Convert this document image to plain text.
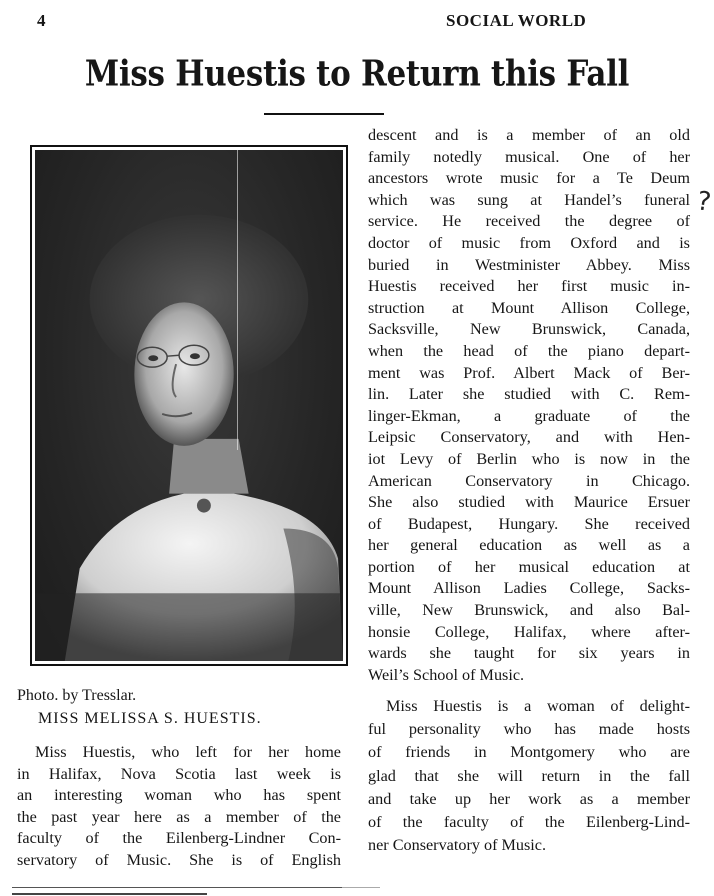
4	SOCIAL WORLD
Miss Huestis to Return this Fall
Photo. by Tresslar.
MISS MELISSA S. HUESTIS.
Miss Huestis, who left for her home
in Halifax, Nova Scotia last week is
an interesting woman who has spent
the past year here as a member of the
faculty of the Eilenberg-Lindner Con-
servatory of Music. She is of English
descent and is a member of an old
family notedly musical. One of her
ancestors wrote music for a Te Deum
which was sung at Handel’s funeral
service. He received the degree of
doctor of music from Oxford and is
buried in Westminister Abbey. Miss
Huestis received her first music in-
struction at Mount Allison College,
Sacksville, New Brunswick, Canada,
when the head of the piano depart-
ment was Prof. Albert Mack of Ber-
lin. Later she studied with C. Rem-
linger-Ekman, a graduate of the
Leipsic Conservatory, and with Hen-
iot Levy of Berlin who is now in the
American Conservatory in Chicago.
She also studied with Maurice Ersuer
of Budapest, Hungary. She received
her general education as well as a
portion of her musical education at
Mount Allison Ladies College, Sacks-
ville, New Brunswick, and also Bal-
honsie College, Halifax, where after-
wards she taught for six years in
Weil’s School of Music.
Miss Huestis is a woman of delight-
ful personality who has made hosts
of friends in Montgomery who are
glad that she will return in the fall
and take up her work as a member
of the faculty of the Eilenberg-Lind-
ner Conservatory of Music.
?
